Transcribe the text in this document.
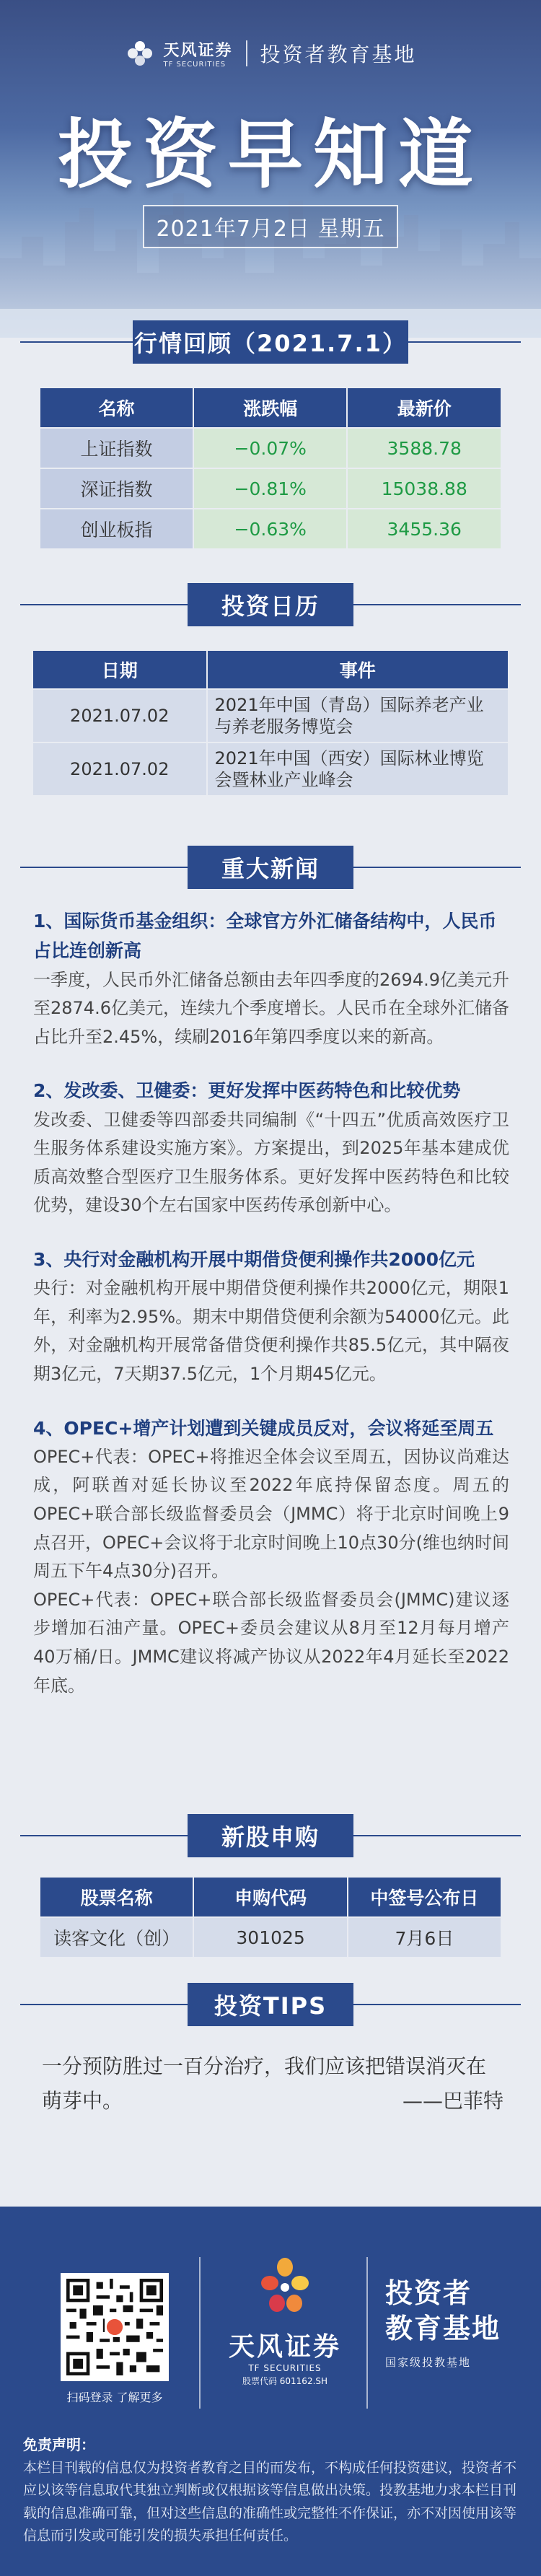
天风证券
TF SECURITIES	投资者教育基地
投资早知道
2021年7月2日 星期五
行情回顾（2021.7.1）
名称	涨跌幅	最新价
上证指数	−0.07%	3588.78
深证指数	−0.81%	15038.88
创业板指	−0.63%	3455.36
投资日历
日期	事件
2021.07.02	2021年中国（青岛）国际养老产业与养老服务博览会
2021.07.02	2021年中国（西安）国际林业博览会暨林业产业峰会
重大新闻
1、国际货币基金组织：全球官方外汇储备结构中，人民币占比连创新高

一季度，人民币外汇储备总额由去年四季度的2694.9亿美元升至2874.6亿美元，连续九个季度增长。人民币在全球外汇储备占比升至2.45%，续刷2016年第四季度以来的新高。

2、发改委、卫健委：更好发挥中医药特色和比较优势

发改委、卫健委等四部委共同编制《“十四五”优质高效医疗卫生服务体系建设实施方案》。方案提出，到2025年基本建成优质高效整合型医疗卫生服务体系。更好发挥中医药特色和比较优势，建设30个左右国家中医药传承创新中心。

3、央行对金融机构开展中期借贷便利操作共2000亿元

央行：对金融机构开展中期借贷便利操作共2000亿元，期限1年，利率为2.95%。期末中期借贷便利余额为54000亿元。此外，对金融机构开展常备借贷便利操作共85.5亿元，其中隔夜期3亿元，7天期37.5亿元，1个月期45亿元。

4、OPEC+增产计划遭到关键成员反对，会议将延至周五

OPEC+代表：OPEC+将推迟全体会议至周五，因协议尚难达成，阿联酋对延长协议至2022年底持保留态度。周五的OPEC+联合部长级监督委员会（JMMC）将于北京时间晚上9点召开，OPEC+会议将于北京时间晚上10点30分(维也纳时间周五下午4点30分)召开。

OPEC+代表：OPEC+联合部长级监督委员会(JMMC)建议逐步增加石油产量。OPEC+委员会建议从8月至12月每月增产40万桶/日。JMMC建议将减产协议从2022年4月延长至2022年底。

新股申购
股票名称	申购代码	中签号公布日
读客文化（创）	301025	7月6日
投资TIPS
一分预防胜过一百分治疗，我们应该把错误消灭在萌芽中。	——巴菲特
扫码登录 了解更多
天风证券
TF SECURITIES
股票代码 601162.SH
投资者
教育基地
国家级投教基地
免责声明：
本栏目刊载的信息仅为投资者教育之目的而发布，不构成任何投资建议，投资者不应以该等信息取代其独立判断或仅根据该等信息做出决策。投教基地力求本栏目刊载的信息准确可靠，但对这些信息的准确性或完整性不作保证，亦不对因使用该等信息而引发或可能引发的损失承担任何责任。
